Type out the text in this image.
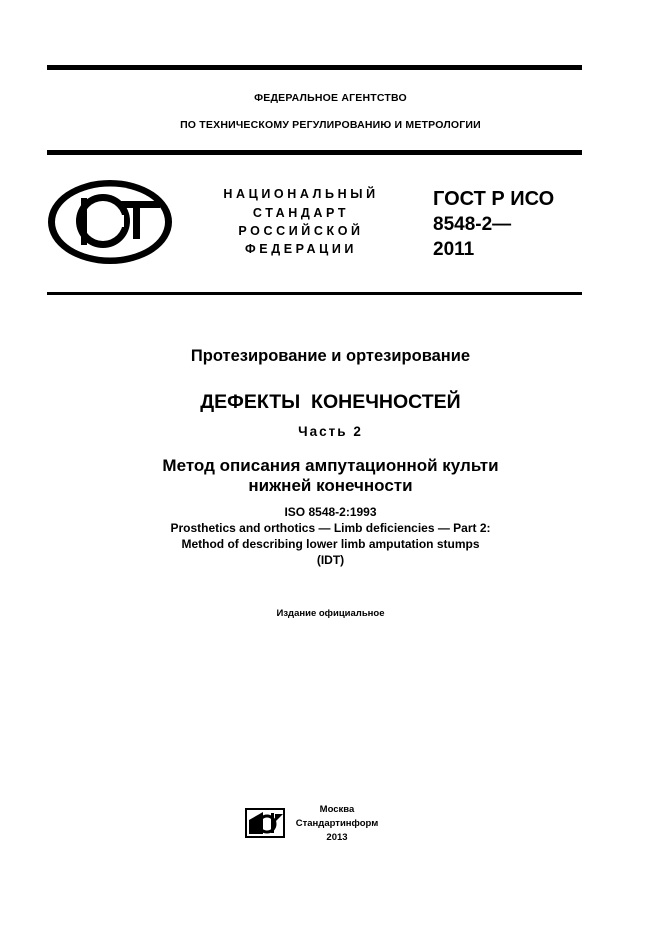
ФЕДЕРАЛЬНОЕ АГЕНТСТВО
ПО ТЕХНИЧЕСКОМУ РЕГУЛИРОВАНИЮ И МЕТРОЛОГИИ
НАЦИОНАЛЬНЫЙ
СТАНДАРТ
РОССИЙСКОЙ
ФЕДЕРАЦИИ
ГОСТ Р ИСО
8548-2—
2011
Протезирование и ортезирование
ДЕФЕКТЫ  КОНЕЧНОСТЕЙ
Часть 2
Метод описания ампутационной культи
нижней конечности
ISO 8548-2:1993
Prosthetics and orthotics — Limb deficiencies — Part 2:
Method of describing lower limb amputation stumps
(IDT)
Издание официальное
Москва
Стандартинформ
2013
